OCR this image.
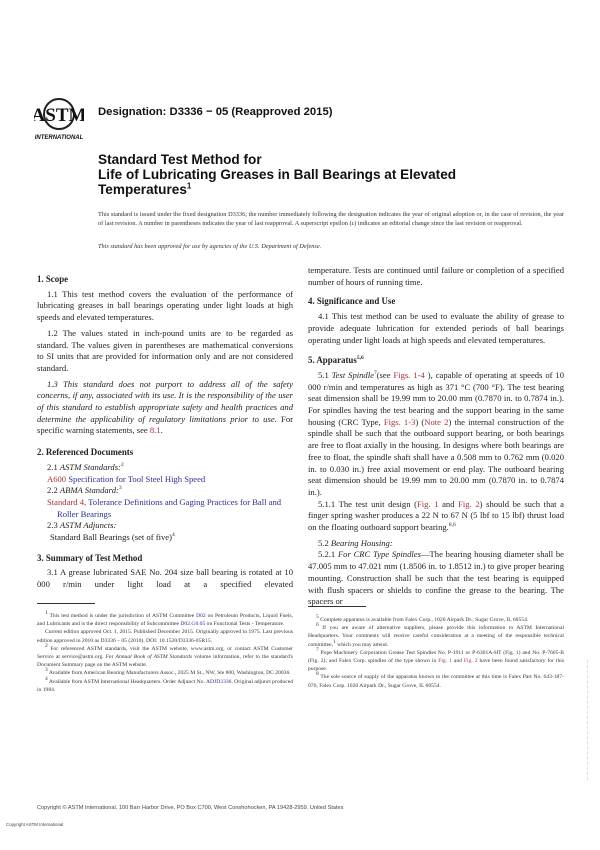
ASTM
INTERNATIONAL
Designation: D3336 − 05 (Reapproved 2015)
Standard Test Method for
Life of Lubricating Greases in Ball Bearings at Elevated Temperatures$^1$
This standard is issued under the fixed designation D3336; the number immediately following the designation indicates the year of original adoption or, in the case of revision, the year of last revision. A number in parentheses indicates the year of last reapproval. A superscript epsilon (ε) indicates an editorial change since the last revision or reapproval.
This standard has been approved for use by agencies of the U.S. Department of Defense.
1. Scope

1.1 This test method covers the evaluation of the performance of lubricating greases in ball bearings operating under light loads at high speeds and elevated temperatures.

1.2 The values stated in inch-pound units are to be regarded as standard. The values given in parentheses are mathematical conversions to SI units that are provided for information only and are not considered standard.

1.3 This standard does not purport to address all of the safety concerns, if any, associated with its use. It is the responsibility of the user of this standard to establish appropriate safety and health practices and determine the applicability of regulatory limitations prior to use. For specific warning statements, see 8.1.

2. Referenced Documents

2.1 ASTM Standards:$^2$

A600 Specification for Tool Steel High Speed

2.2 ABMA Standard:$^3$

Standard 4, Tolerance Definitions and Gaging Practices for Ball and Roller Bearings

2.3 ASTM Adjuncts:

Standard Ball Bearings (set of five)$^4$

3. Summary of Test Method

3.1 A grease lubricated SAE No. 204 size ball bearing is rotated at 10 000 r/min under light load at a specified elevated

$^1$ This test method is under the jurisdiction of ASTM Committee D02 on Petroleum Products, Liquid Fuels, and Lubricants and is the direct responsibility of Subcommittee D02.G0.05 on Functional Tests - Temperature.

Current edition approved Oct. 1, 2015. Published December 2015. Originally approved in 1975. Last previous edition approved in 2010 as D3336 – 05 (2010). DOI: 10.1520/D3336-05R15.

$^2$ For referenced ASTM standards, visit the ASTM website, www.astm.org, or contact ASTM Customer Service at service@astm.org. For Annual Book of ASTM Standards volume information, refer to the standard's Document Summary page on the ASTM website.

$^3$ Available from American Bearing Manufacturers Assoc., 2025 M St., NW, Ste 800, Washington, DC 20036.

$^4$ Available from ASTM International Headquarters. Order Adjunct No. ADJD3336. Original adjunct produced in 1984.

temperature. Tests are continued until failure or completion of a specified number of hours of running time.

4. Significance and Use

4.1 This test method can be used to evaluate the ability of grease to provide adequate lubrication for extended periods of ball bearings operating under light loads at high speeds and elevated temperatures.

5. Apparatus$^{5,6}$

5.1 Test Spindle$^7$(see Figs. 1-4 ), capable of operating at speeds of 10 000 r/min and temperatures as high as 371 °C (700 °F). The test bearing seat dimension shall be 19.99 mm to 20.00 mm (0.7870 in. to 0.7874 in.). For spindles having the test bearing and the support bearing in the same housing (CRC Type, Figs. 1-3) (Note 2) the internal construction of the spindle shall be such that the outboard support bearing, or both bearings are free to float axially in the housing. In designs where both bearings are free to float, the spindle shaft shall have a 0.508 mm to 0.762 mm (0.020 in. to 0.030 in.) free axial movement or end play. The outboard bearing seat dimension should be 19.99 mm to 20.00 mm (0.7870 in. to 0.7874 in.).

5.1.1 The test unit design (Fig. 1 and Fig. 2) should be such that a finger spring washer produces a 22 N to 67 N (5 lbf to 15 lbf) thrust load on the floating outboard support bearing.$^{8,6}$

5.2 Bearing Housing:

5.2.1 For CRC Type Spindles—The bearing housing diameter shall be 47.005 mm to 47.021 mm (1.8506 in. to 1.8512 in.) to give proper bearing mounting. Construction shall be such that the test bearing is equipped with flush spacers or shields to confine the grease to the bearing. The spacers or

$^5$ Complete apparatus is available from Falex Corp., 1020 Airpark Dr., Sugar Grove, IL 60554.

$^6$ If you are aware of alternative suppliers, please provide this information to ASTM International Headquarters. Your comments will receive careful consideration at a meeting of the responsible technical committee,$^1$ which you may attend.

$^7$ Pope Machinery Corporation Grease Test Spindles No. P-1911 or P-6301A-HT (Fig. 1) and No. P-7605-B (Fig. 2); and Falex Corp. spindles of the type shown in Fig. 1 and Fig. 2 have been found satisfactory for this purpose.

$^8$ The sole source of supply of the apparatus known to the committee at this time is Falex Part No. 643-187-070, Falex Corp. 1020 Airpark Dr., Sugar Grove, IL 60554.

Copyright © ASTM International, 100 Barr Harbor Drive, PO Box C700, West Conshohocken, PA 19428-2959. United States
Copyright ASTM International
